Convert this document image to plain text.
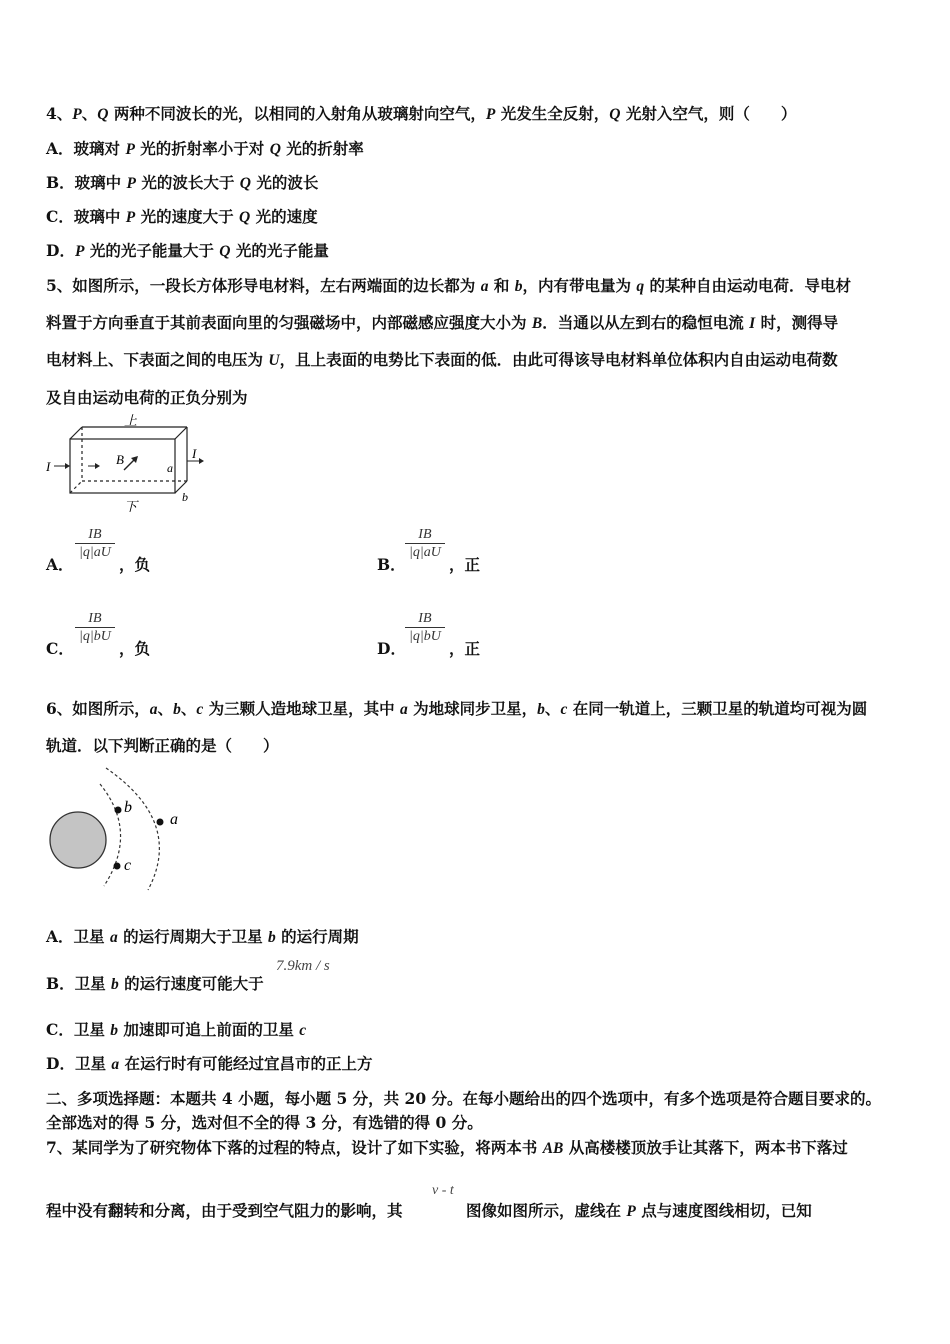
4、P、Q 两种不同波长的光，以相同的入射角从玻璃射向空气，P 光发生全反射，Q 光射入空气，则（　　）
A．玻璃对 P 光的折射率小于对 Q 光的折射率
B．玻璃中 P 光的波长大于 Q 光的波长
C．玻璃中 P 光的速度大于 Q 光的速度
D．P 光的光子能量大于 Q 光的光子能量
5、如图所示，一段长方体形导电材料，左右两端面的边长都为 a 和 b，内有带电量为 q 的某种自由运动电荷．导电材
料置于方向垂直于其前表面向里的匀强磁场中，内部磁感应强度大小为 B．当通以从左到右的稳恒电流 I 时，测得导
电材料上、下表面之间的电压为 U，且上表面的电势比下表面的低．由此可得该导电材料单位体积内自由运动电荷数
及自由运动电荷的正负分别为
上
下
I
I
B
a
b
A．
$\frac{IB}{|q|aU}$
，负	B．
$\frac{IB}{|q|aU}$
，正
C．
$\frac{IB}{|q|bU}$
，负	D．
$\frac{IB}{|q|bU}$
，正
6、如图所示，a、b、c 为三颗人造地球卫星，其中 a 为地球同步卫星，b、c 在同一轨道上，三颗卫星的轨道均可视为圆
轨道．以下判断正确的是（　　）
b
c
a
A．卫星 a 的运行周期大于卫星 b 的运行周期
B．卫星 b 的运行速度可能大于
7.9km / s
C．卫星 b 加速即可追上前面的卫星 c
D．卫星 a 在运行时有可能经过宜昌市的正上方
二、多项选择题：本题共 4 小题，每小题 5 分，共 20 分。在每小题给出的四个选项中，有多个选项是符合题目要求的。
全部选对的得 5 分，选对但不全的得 3 分，有选错的得 0 分。
7、某同学为了研究物体下落的过程的特点，设计了如下实验，将两本书 AB 从高楼楼顶放手让其落下，两本书下落过
程中没有翻转和分离，由于受到空气阻力的影响，其
v - t
图像如图所示，虚线在 P 点与速度图线相切，已知
